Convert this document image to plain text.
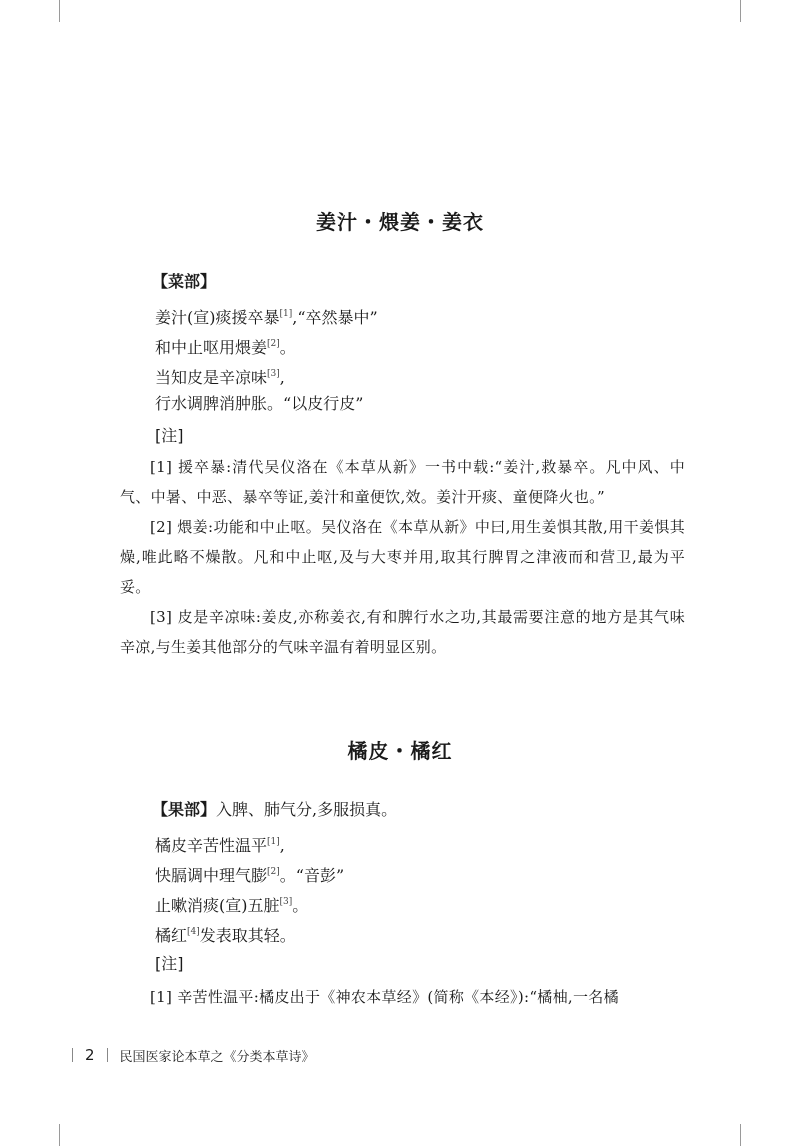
姜汁・煨姜・姜衣
【菜部】
姜汁(宣)痰援卒暴[1],“卒然暴中”
和中止呕用煨姜[2]。
当知皮是辛凉味[3],
行水调脾消肿胀。“以皮行皮”
[注]
[1] 援卒暴:清代吴仪洛在《本草从新》一书中载:“姜汁,救暴卒。凡中风、中气、中暑、中恶、暴卒等证,姜汁和童便饮,效。姜汁开痰、童便降火也。”
[2] 煨姜:功能和中止呕。吴仪洛在《本草从新》中曰,用生姜惧其散,用干姜惧其燥,唯此略不燥散。凡和中止呕,及与大枣并用,取其行脾胃之津液而和营卫,最为平妥。
[3] 皮是辛凉味:姜皮,亦称姜衣,有和脾行水之功,其最需要注意的地方是其气味辛凉,与生姜其他部分的气味辛温有着明显区别。
橘皮・橘红
【果部】入脾、肺气分,多服损真。
橘皮辛苦性温平[1],
快膈调中理气膨[2]。“音彭”
止嗽消痰(宣)五脏[3]。
橘红[4]发表取其轻。
[注]
[1] 辛苦性温平:橘皮出于《神农本草经》(简称《本经》):“橘柚,一名橘
2 民国医家论本草之《分类本草诗》
